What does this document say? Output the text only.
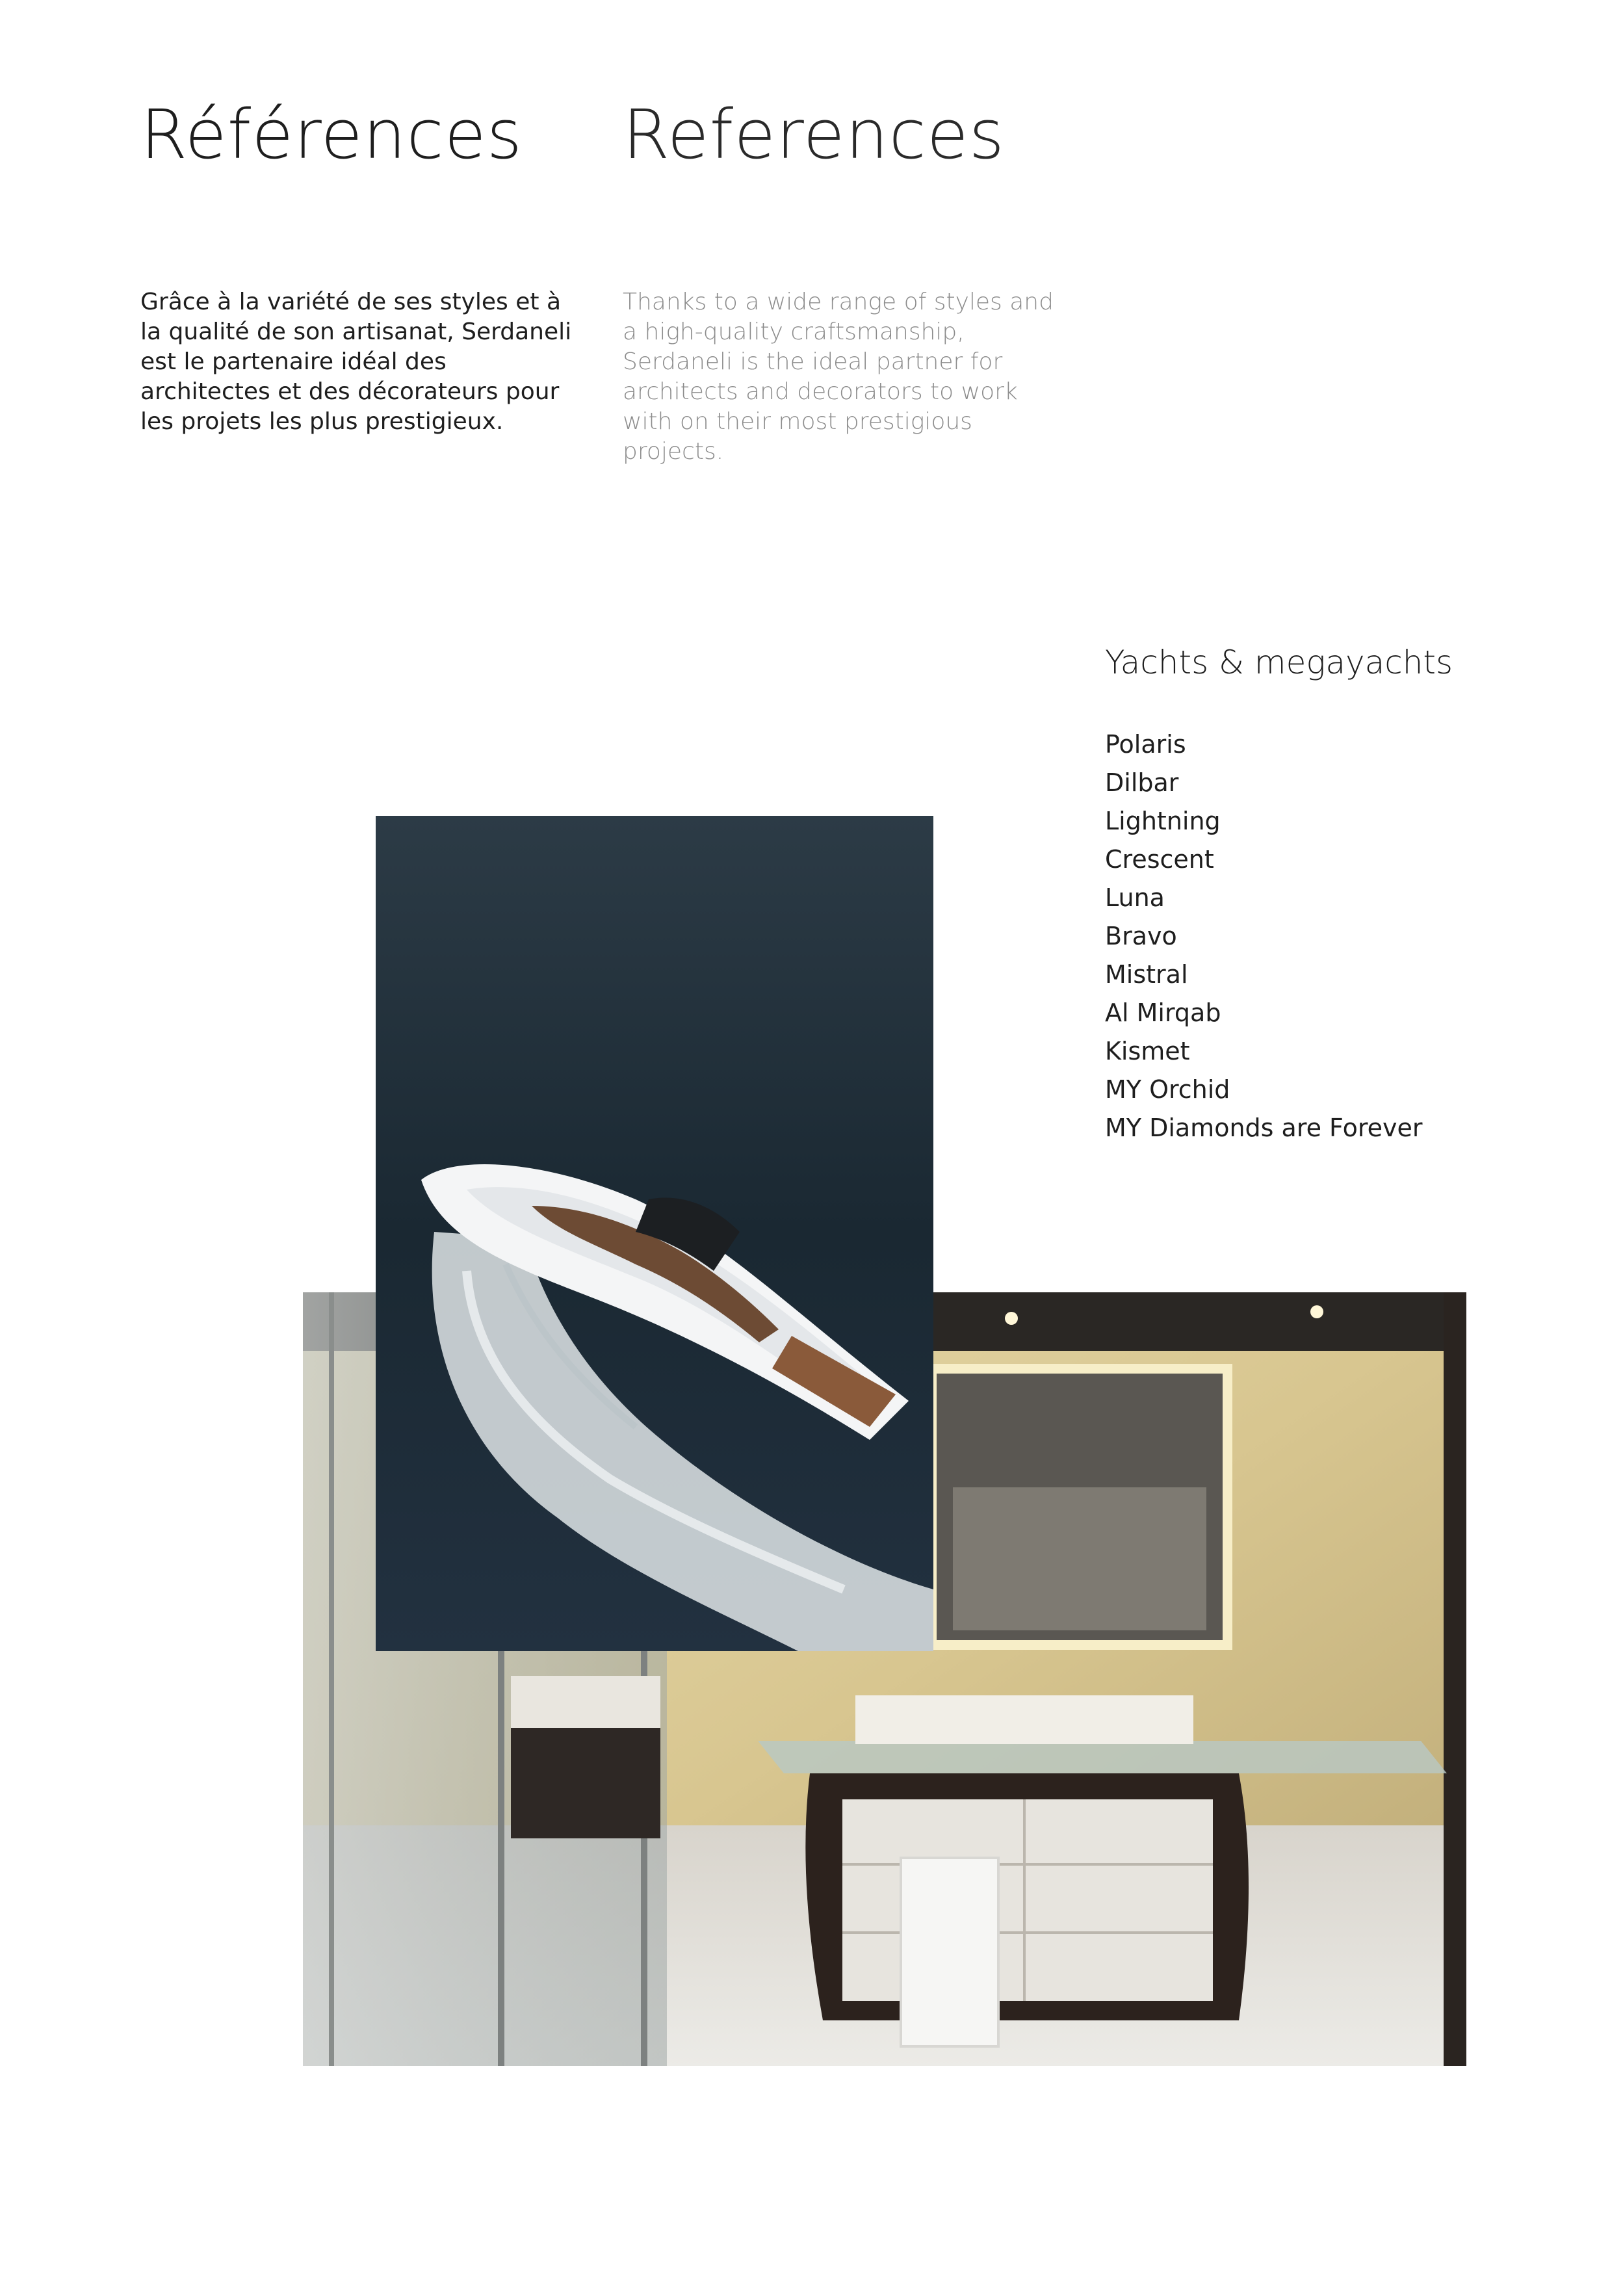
Références References

Grâce à la variété de ses styles et à la qualité de son artisanat, Serdaneli est le partenaire idéal des architectes et des décorateurs pour les projets les plus prestigieux.

Thanks to a wide range of styles and a high-quality craftsmanship, Serdaneli is the ideal partner for architects and decorators to work with on their most prestigious projects.

Yachts & megayachts
Polaris
Dilbar
Lightning
Crescent
Luna
Bravo
Mistral
Al Mirqab
Kismet
MY Orchid
MY Diamonds are Forever
